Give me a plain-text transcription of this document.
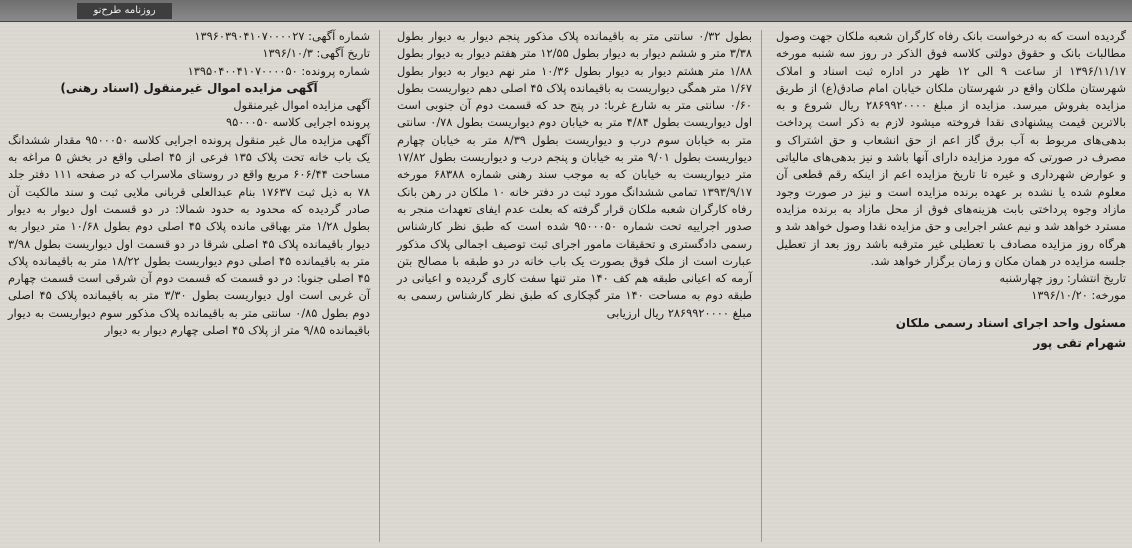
روزنامه طرح‌نو
شماره آگهی: ۱۳۹۶۰۳۹۰۴۱۰۷۰۰۰۰۲۷
تاریخ آگهی: ۱۳۹۶/۱۰/۳
شماره پرونده: ۱۳۹۵۰۴۰۰۴۱۰۷۰۰۰۰۵۰

آگهی مزایده اموال غیرمنقول (اسناد رهنی)

آگهی مزایده اموال غیرمنقول

پرونده اجرایی کلاسه ۹۵۰۰۰۵۰

آگهی مزایده مال غیر منقول پرونده اجرایی کلاسه ۹۵۰۰۰۵۰ مقدار ششدانگ یک باب خانه تحت پلاک ۱۳۵ فرعی از ۴۵ اصلی واقع در بخش ۵ مراغه به مساحت ۶۰۶/۴۴ مربع واقع در روستای ملاسراب که در صفحه ۱۱۱ دفتر جلد ۷۸ به ذیل ثبت ۱۷۶۳۷ بنام عبدالعلی قربانی ملایی ثبت و سند مالکیت آن صادر گردیده که محدود به حدود شمالا: در دو قسمت اول دیوار به دیوار بطول ۱/۲۸ متر بهباقی مانده پلاک ۴۵ اصلی دوم بطول ۱۰/۶۸ متر دیوار به دیوار باقیمانده پلاک ۴۵ اصلی شرقا در دو قسمت اول دیواریست بطول ۳/۹۸ متر به باقیمانده ۴۵ اصلی دوم دیواریست بطول ۱۸/۲۲ متر به باقیمانده پلاک ۴۵ اصلی جنوبا: در دو قسمت که قسمت دوم آن شرقی است قسمت چهارم آن غربی است اول دیواریست بطول ۳/۳۰ متر به باقیمانده پلاک ۴۵ اصلی دوم بطول ۰/۸۵ سانتی متر به باقیمانده پلاک مذکور سوم دیواریست به دیوار باقیمانده ۹/۸۵ متر از پلاک ۴۵ اصلی چهارم دیوار به دیوار

بطول ۰/۳۲ سانتی متر به باقیمانده پلاک مذکور پنجم دیوار به دیوار بطول ۳/۳۸ متر و ششم دیوار به دیوار بطول ۱۲/۵۵ متر هفتم دیوار به دیوار بطول ۱/۸۸ متر هشتم دیوار به دیوار بطول ۱۰/۳۶ متر نهم دیوار به دیوار بطول ۱/۶۷ متر همگی دیواریست به باقیمانده پلاک ۴۵ اصلی دهم دیواریست بطول ۰/۶۰ سانتی متر به شارع غربا: در پنج حد که قسمت دوم آن جنوبی است اول دیواریست بطول ۴/۸۴ متر به خیابان دوم دیواریست بطول ۰/۷۸ سانتی متر به خیابان سوم درب و دیواریست بطول ۸/۳۹ متر به خیابان چهارم دیواریست بطول ۹/۰۱ متر به خیابان و پنجم درب و دیواریست بطول ۱۷/۸۲ متر دیواریست به خیابان که به موجب سند رهنی شماره ۶۸۳۸۸ مورخه ۱۳۹۳/۹/۱۷ تمامی ششدانگ مورد ثبت در دفتر خانه ۱۰ ملکان در رهن بانک رفاه کارگران شعبه ملکان قرار گرفته که بعلت عدم ایفای تعهدات منجر به صدور اجراییه تحت شماره ۹۵۰۰۰۵۰ شده است که طبق نظر کارشناس رسمی دادگستری و تحقیقات مامور اجرای ثبت توصیف اجمالی پلاک مذکور عبارت است از ملک فوق بصورت یک باب خانه در دو طبقه با مصالح بتن آرمه که اعیانی طبقه هم کف ۱۴۰ متر تنها سفت کاری گردیده و اعیانی در طبقه دوم به مساحت ۱۴۰ متر گچکاری که طبق نظر کارشناس رسمی به مبلغ ۲۸۶۹۹۲۰۰۰۰ ریال ارزیابی

گردیده است که به درخواست بانک رفاه کارگران شعبه ملکان جهت وصول مطالبات بانک و حقوق دولتی کلاسه فوق الذکر در روز سه شنبه مورخه ۱۳۹۶/۱۱/۱۷ از ساعت ۹ الی ۱۲ ظهر در اداره ثبت اسناد و املاک شهرستان ملکان واقع در شهرستان ملکان خیابان امام صادق(ع) از طریق مزایده بفروش میرسد. مزایده از مبلغ ۲۸۶۹۹۲۰۰۰۰ ریال شروع و به بالاترین قیمت پیشنهادی نقدا فروخته میشود لازم به ذکر است پرداخت بدهی‌های مربوط به آب برق گاز اعم از حق انشعاب و حق اشتراک و مصرف در صورتی که مورد مزایده دارای آنها باشد و نیز بدهی‌های مالیاتی و عوارض شهرداری و غیره تا تاریخ مزایده اعم از اینکه رقم قطعی آن معلوم شده یا نشده بر عهده برنده مزایده است و نیز در صورت وجود مازاد وجوه پرداختی بابت هزینه‌های فوق از محل مازاد به برنده مزایده مسترد خواهد شد و نیم عشر اجرایی و حق مزایده نقدا وصول خواهد شد و هرگاه روز مزایده مصادف با تعطیلی غیر مترقبه باشد روز بعد از تعطیل جلسه مزایده در همان مکان و زمان برگزار خواهد شد.

تاریخ انتشار: روز چهارشنبه

مورخه: ۱۳۹۶/۱۰/۲۰

مسئول واحد اجرای اسناد رسمی ملکان
شهرام تقی پور
